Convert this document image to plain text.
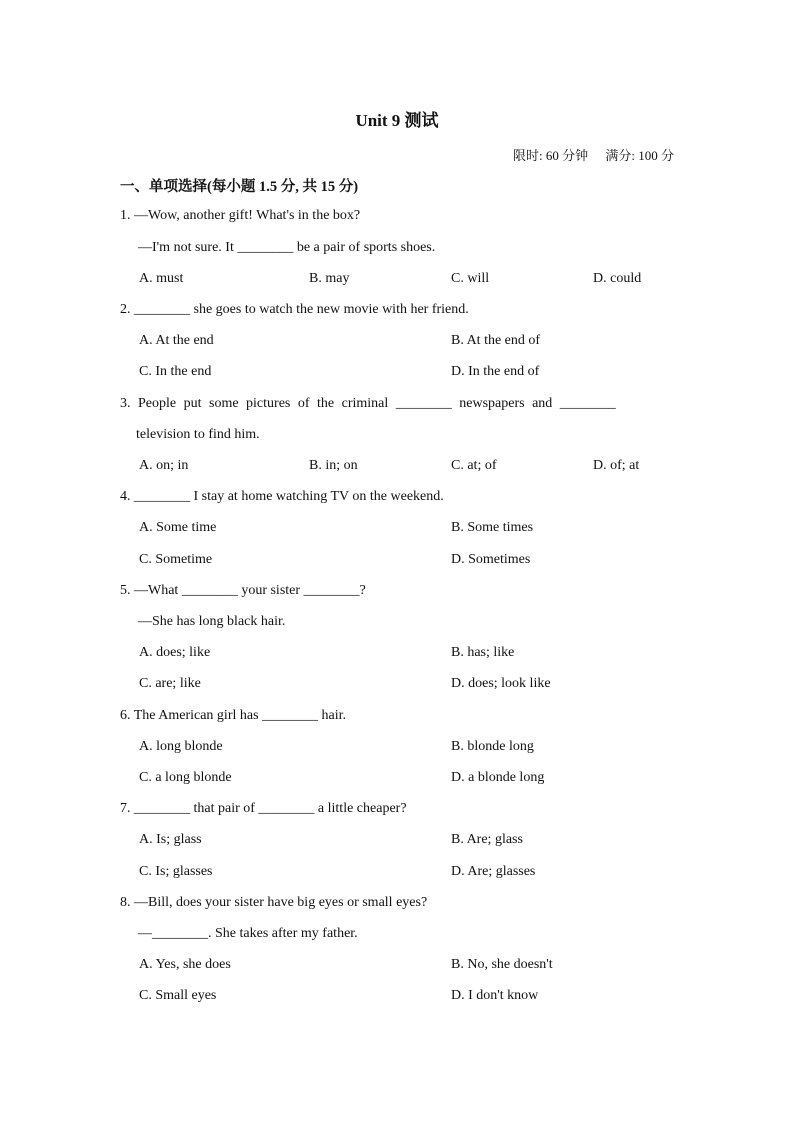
Unit 9 测试
限时: 60 分钟 满分: 100 分
一、单项选择(每小题 1.5 分, 共 15 分)
1. —Wow, another gift! What's in the box?
—I'm not sure. It ________ be a pair of sports shoes.
A. must	B. may	C. will	D. could
2. ________ she goes to watch the new movie with her friend.
A. At the end	B. At the end of
C. In the end	D. In the end of
3. People put some pictures of the criminal ________ newspapers and ________
television to find him.
A. on; in	B. in; on	C. at; of	D. of; at
4. ________ I stay at home watching TV on the weekend.
A. Some time	B. Some times
C. Sometime	D. Sometimes
5. —What ________ your sister ________?
—She has long black hair.
A. does; like	B. has; like
C. are; like	D. does; look like
6. The American girl has ________ hair.
A. long blonde	B. blonde long
C. a long blonde	D. a blonde long
7. ________ that pair of ________ a little cheaper?
A. Is; glass	B. Are; glass
C. Is; glasses	D. Are; glasses
8. —Bill, does your sister have big eyes or small eyes?
—________. She takes after my father.
A. Yes, she does	B. No, she doesn't
C. Small eyes	D. I don't know
